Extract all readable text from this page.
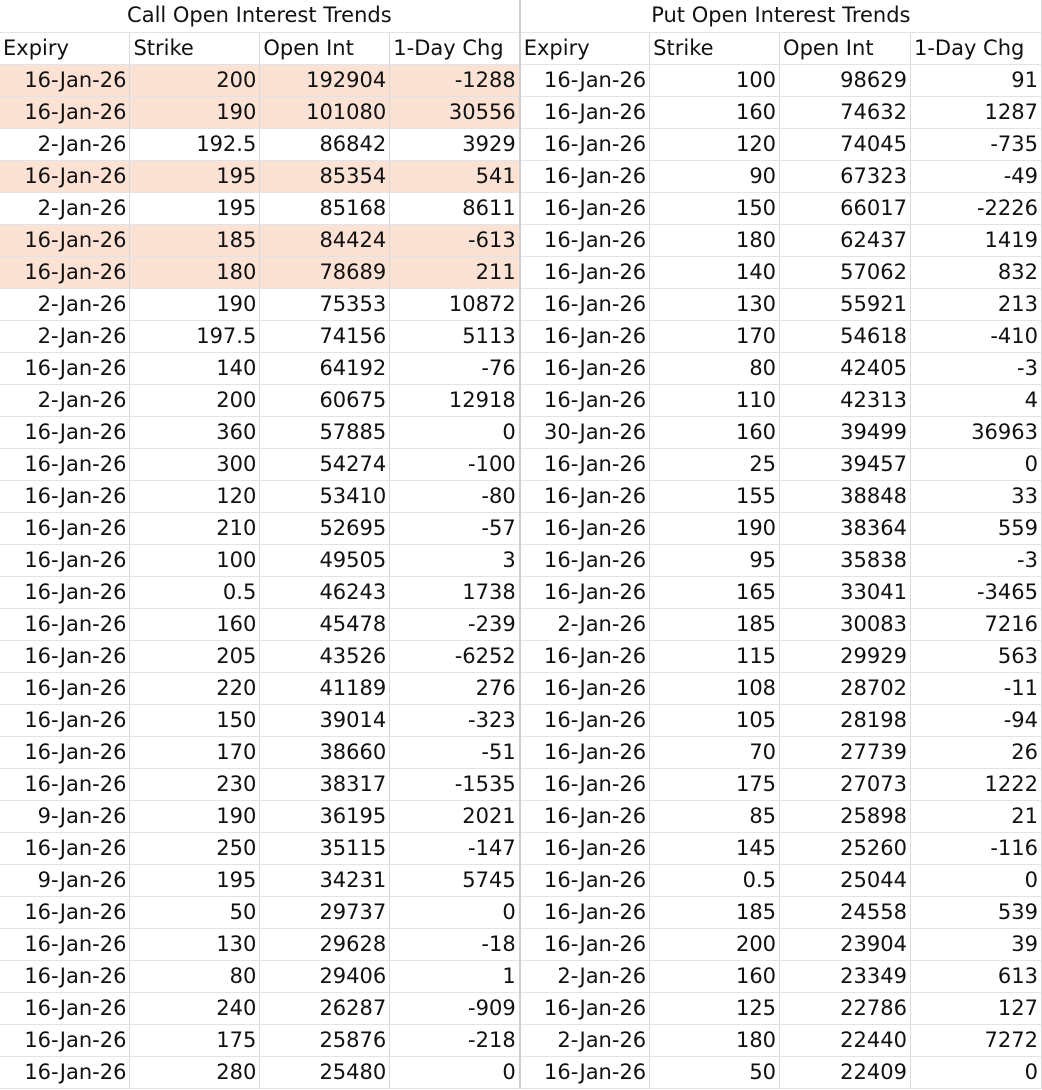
Call Open Interest Trends				Put Open Interest Trends			
Expiry	Strike	Open Int	1-Day Chg	Expiry	Strike	Open Int	1-Day Chg
16-Jan-26	200	192904	-1288	16-Jan-26	100	98629	91
16-Jan-26	190	101080	30556	16-Jan-26	160	74632	1287
2-Jan-26	192.5	86842	3929	16-Jan-26	120	74045	-735
16-Jan-26	195	85354	541	16-Jan-26	90	67323	-49
2-Jan-26	195	85168	8611	16-Jan-26	150	66017	-2226
16-Jan-26	185	84424	-613	16-Jan-26	180	62437	1419
16-Jan-26	180	78689	211	16-Jan-26	140	57062	832
2-Jan-26	190	75353	10872	16-Jan-26	130	55921	213
2-Jan-26	197.5	74156	5113	16-Jan-26	170	54618	-410
16-Jan-26	140	64192	-76	16-Jan-26	80	42405	-3
2-Jan-26	200	60675	12918	16-Jan-26	110	42313	4
16-Jan-26	360	57885	0	30-Jan-26	160	39499	36963
16-Jan-26	300	54274	-100	16-Jan-26	25	39457	0
16-Jan-26	120	53410	-80	16-Jan-26	155	38848	33
16-Jan-26	210	52695	-57	16-Jan-26	190	38364	559
16-Jan-26	100	49505	3	16-Jan-26	95	35838	-3
16-Jan-26	0.5	46243	1738	16-Jan-26	165	33041	-3465
16-Jan-26	160	45478	-239	2-Jan-26	185	30083	7216
16-Jan-26	205	43526	-6252	16-Jan-26	115	29929	563
16-Jan-26	220	41189	276	16-Jan-26	108	28702	-11
16-Jan-26	150	39014	-323	16-Jan-26	105	28198	-94
16-Jan-26	170	38660	-51	16-Jan-26	70	27739	26
16-Jan-26	230	38317	-1535	16-Jan-26	175	27073	1222
9-Jan-26	190	36195	2021	16-Jan-26	85	25898	21
16-Jan-26	250	35115	-147	16-Jan-26	145	25260	-116
9-Jan-26	195	34231	5745	16-Jan-26	0.5	25044	0
16-Jan-26	50	29737	0	16-Jan-26	185	24558	539
16-Jan-26	130	29628	-18	16-Jan-26	200	23904	39
16-Jan-26	80	29406	1	2-Jan-26	160	23349	613
16-Jan-26	240	26287	-909	16-Jan-26	125	22786	127
16-Jan-26	175	25876	-218	2-Jan-26	180	22440	7272
16-Jan-26	280	25480	0	16-Jan-26	50	22409	0
